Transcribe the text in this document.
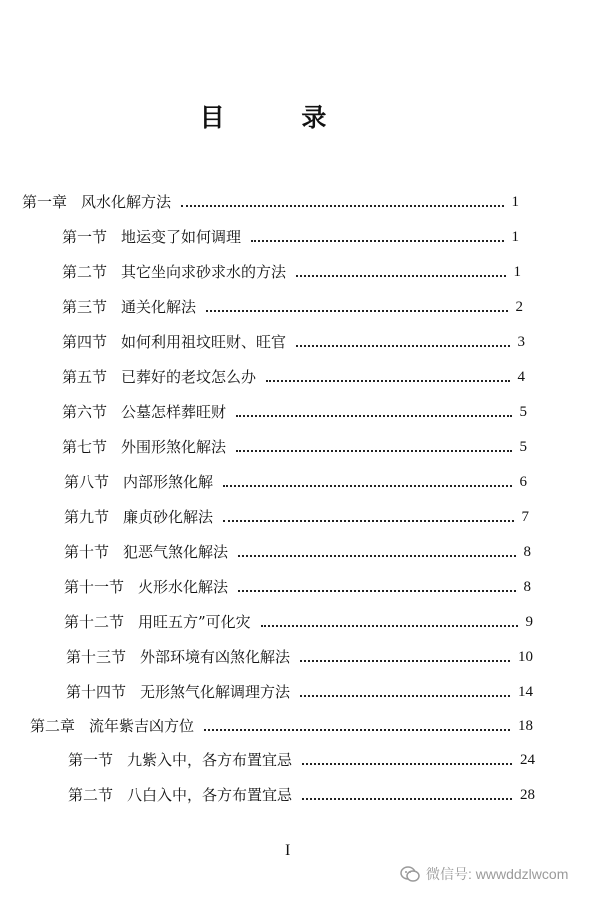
目 录
第一章 风水化解方法	1
第一节 地运变了如何调理	1
第二节 其它坐向求砂求水的方法	1
第三节 通关化解法	2
第四节 如何利用祖坟旺财、旺官	3
第五节 已葬好的老坟怎么办	4
第六节 公墓怎样葬旺财	5
第七节 外围形煞化解法	5
第八节 内部形煞化解	6
第九节 廉贞砂化解法	7
第十节 犯恶气煞化解法	8
第十一节 火形水化解法	8
第十二节 用旺五方”可化灾	9
第十三节 外部环境有凶煞化解法	10
第十四节 无形煞气化解调理方法	14
第二章 流年紫吉凶方位	18
第一节 九紫入中，各方布置宜忌	24
第二节 八白入中，各方布置宜忌	28
I
微信号: wwwddzlwcom
